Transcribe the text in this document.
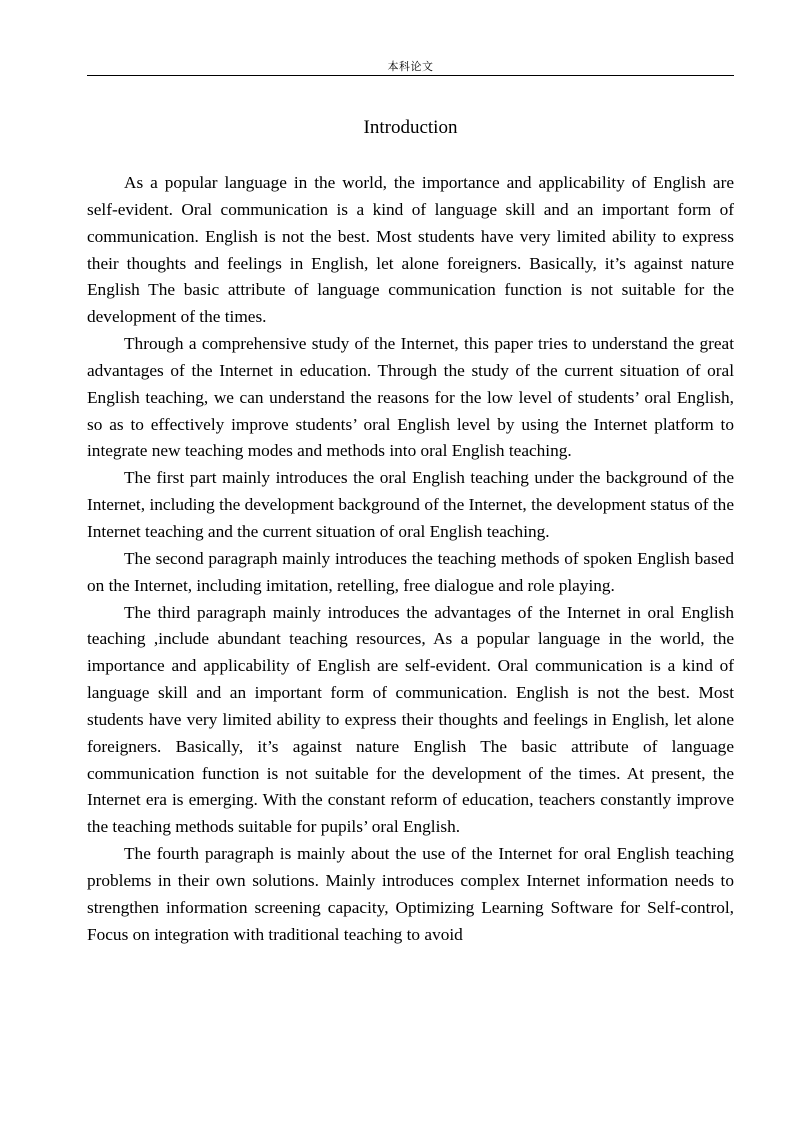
本科论文
Introduction

As a popular language in the world, the importance and applicability of English are self-evident. Oral communication is a kind of language skill and an important form of communication. English is not the best. Most students have very limited ability to express their thoughts and feelings in English, let alone foreigners. Basically, it’s against nature English The basic attribute of language communication function is not suitable for the development of the times.

Through a comprehensive study of the Internet, this paper tries to understand the great advantages of the Internet in education. Through the study of the current situation of oral English teaching, we can understand the reasons for the low level of students’ oral English, so as to effectively improve students’ oral English level by using the Internet platform to integrate new teaching modes and methods into oral English teaching.

The first part mainly introduces the oral English teaching under the background of the Internet, including the development background of the Internet, the development status of the Internet teaching and the current situation of oral English teaching.

The second paragraph mainly introduces the teaching methods of spoken English based on the Internet, including imitation, retelling, free dialogue and role playing.

The third paragraph mainly introduces the advantages of the Internet in oral English teaching ,include abundant teaching resources, As a popular language in the world, the importance and applicability of English are self-evident. Oral communication is a kind of language skill and an important form of communication. English is not the best. Most students have very limited ability to express their thoughts and feelings in English, let alone foreigners. Basically, it’s against nature English The basic attribute of language communication function is not suitable for the development of the times. At present, the Internet era is emerging. With the constant reform of education, teachers constantly improve the teaching methods suitable for pupils’ oral English.

The fourth paragraph is mainly about the use of the Internet for oral English teaching problems in their own solutions. Mainly introduces complex Internet information needs to strengthen information screening capacity, Optimizing Learning Software for Self-control, Focus on integration with traditional teaching to avoid
